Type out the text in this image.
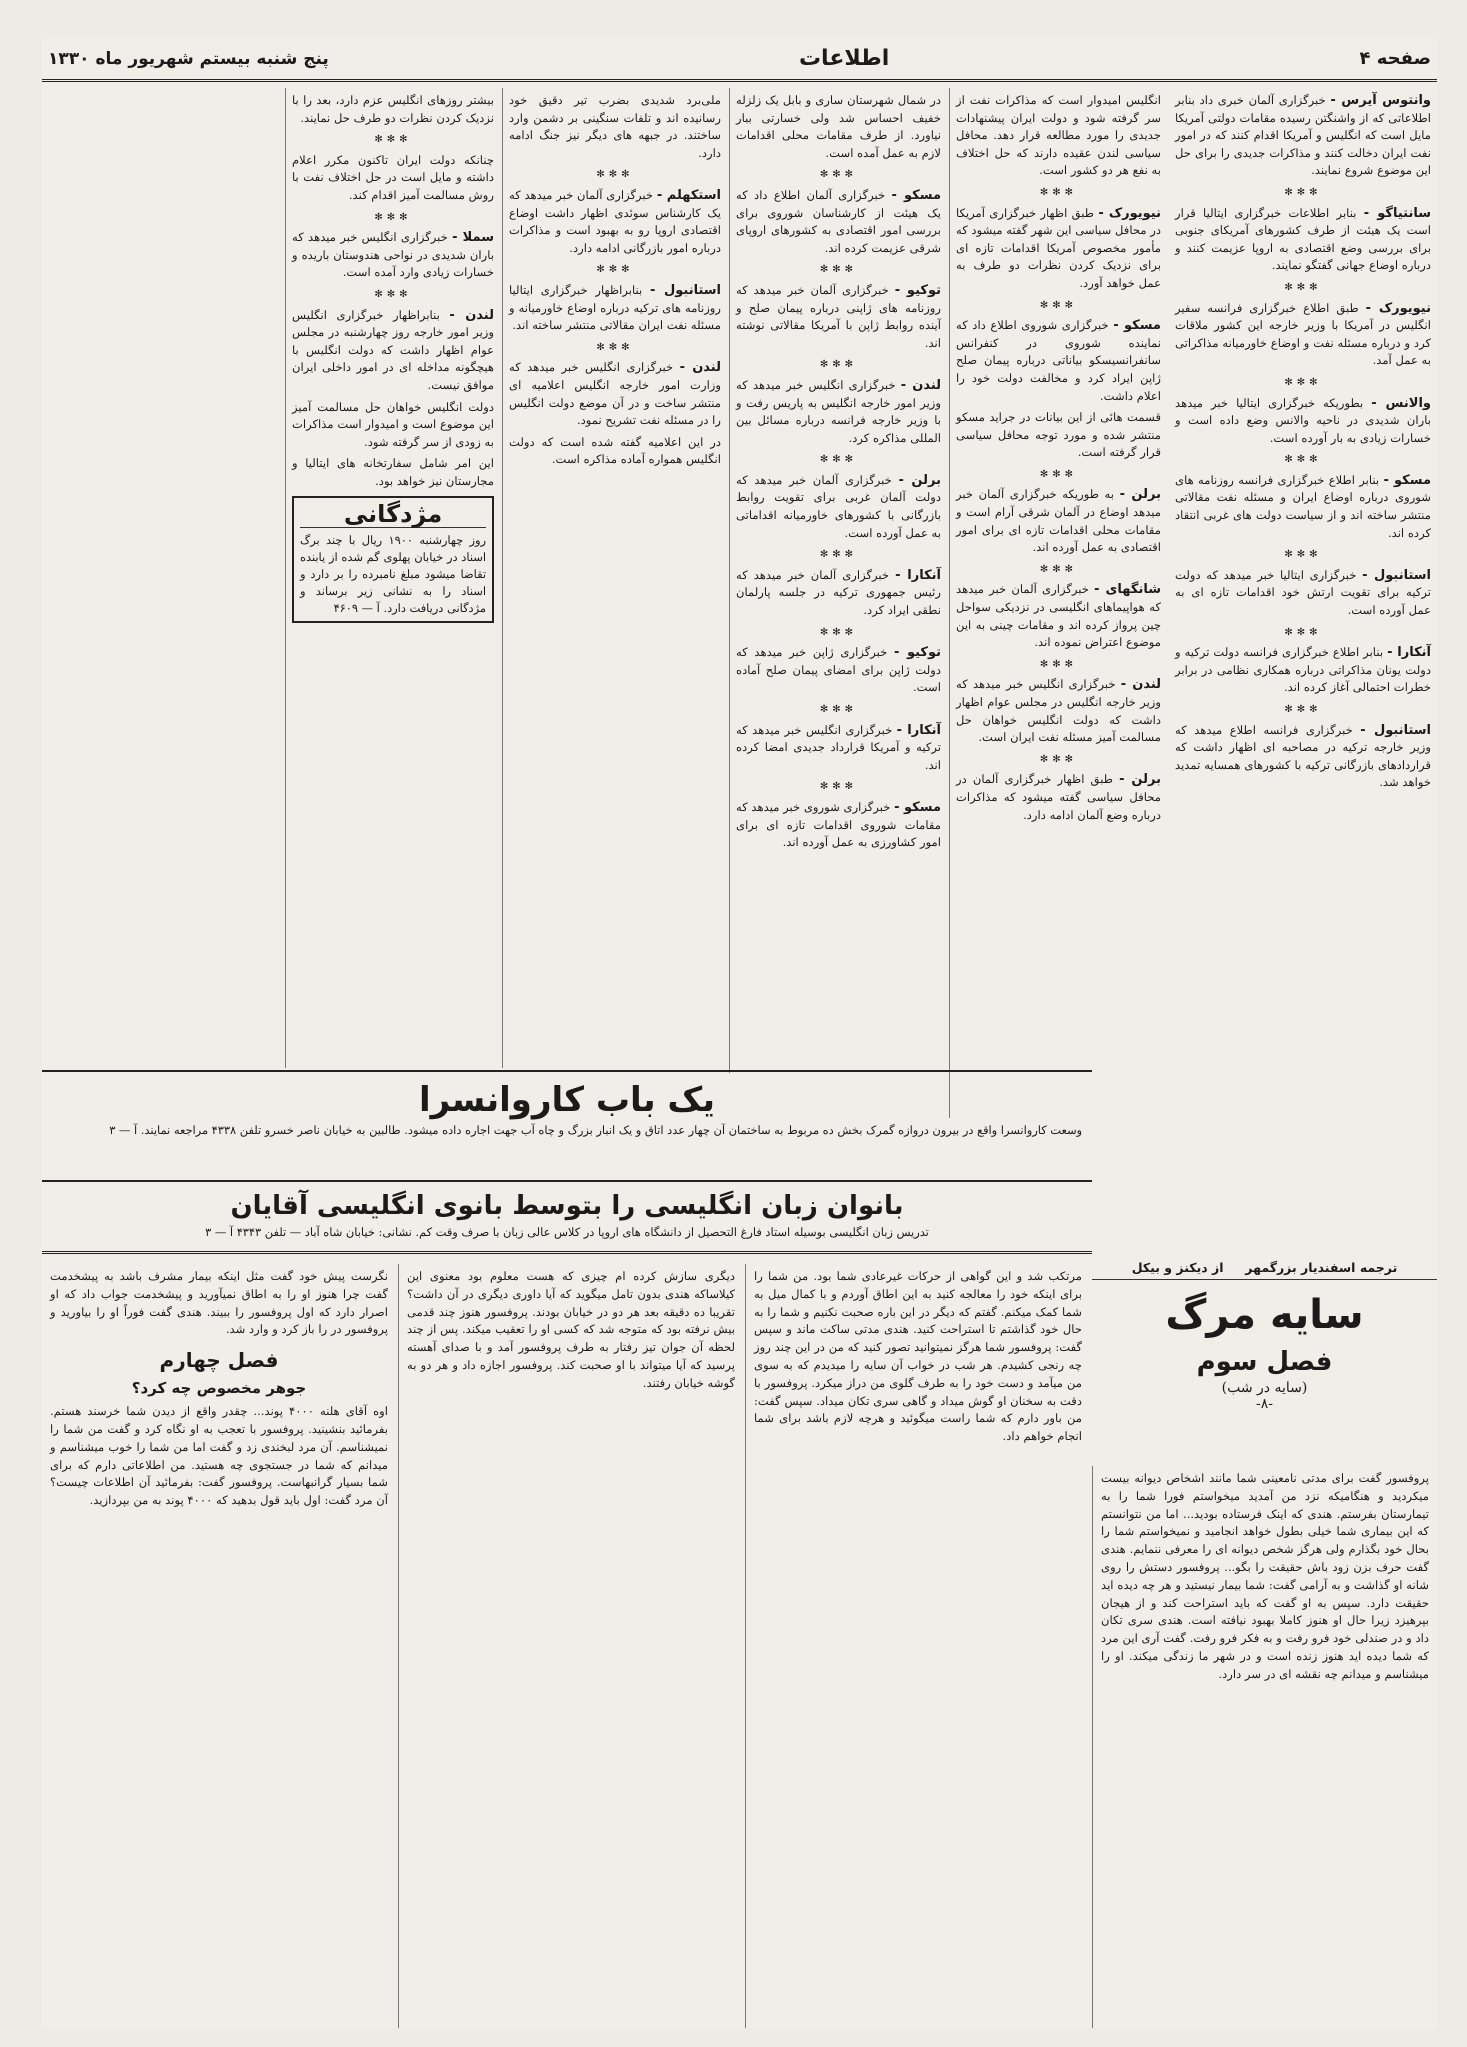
صفحه ۴
اطلاعات
پنج شنبه بیستم شهریور ماه ۱۳۳۰

وانتوس آیرس - خبرگزاری آلمان خبری داد بنابر اطلاعاتی که از واشنگتن رسیده مقامات دولتی آمریکا مایل است که انگلیس و آمریکا اقدام کنند که در امور نفت ایران دخالت کنند و مذاکرات جدیدی را برای حل این موضوع شروع نمایند.

✻✻✻

سانتیاگو - بنابر اطلاعات خبرگزاری ایتالیا قرار است یک هیئت از طرف کشورهای آمریکای جنوبی برای بررسی وضع اقتصادی به اروپا عزیمت کنند و درباره اوضاع جهانی گفتگو نمایند.

✻✻✻

نیویورک - طبق اطلاع خبرگزاری فرانسه سفیر انگلیس در آمریکا با وزیر خارجه این کشور ملاقات کرد و درباره مسئله نفت و اوضاع خاورمیانه مذاکراتی به عمل آمد.

✻✻✻

والانس - بطوریکه خبرگزاری ایتالیا خبر میدهد باران شدیدی در ناحیه والانس وضع داده است و خسارات زیادی به بار آورده است.

✻✻✻

مسکو - بنابر اطلاع خبرگزاری فرانسه روزنامه های شوروی درباره اوضاع ایران و مسئله نفت مقالاتی منتشر ساخته اند و از سیاست دولت های غربی انتقاد کرده اند.

✻✻✻

استانبول - خبرگزاری ایتالیا خبر میدهد که دولت ترکیه برای تقویت ارتش خود اقدامات تازه ای به عمل آورده است.

✻✻✻

آنکارا - بنابر اطلاع خبرگزاری فرانسه دولت ترکیه و دولت یونان مذاکراتی درباره همکاری نظامی در برابر خطرات احتمالی آغاز کرده اند.

✻✻✻

استانبول - خبرگزاری فرانسه اطلاع میدهد که وزیر خارجه ترکیه در مصاحبه ای اظهار داشت که قراردادهای بازرگانی ترکیه با کشورهای همسایه تمدید خواهد شد.

انگلیس امیدوار است که مذاکرات نفت از سر گرفته شود و دولت ایران پیشنهادات جدیدی را مورد مطالعه قرار دهد. محافل سیاسی لندن عقیده دارند که حل اختلاف به نفع هر دو کشور است.

✻✻✻

نیویورک - طبق اظهار خبرگزاری آمریکا در محافل سیاسی این شهر گفته میشود که مأمور مخصوص آمریکا اقدامات تازه ای برای نزدیک کردن نظرات دو طرف به عمل خواهد آورد.

✻✻✻

مسکو - خبرگزاری شوروی اطلاع داد که نماینده شوروی در کنفرانس سانفرانسیسکو بیاناتی درباره پیمان صلح ژاپن ایراد کرد و مخالفت دولت خود را اعلام داشت.

قسمت هائی از این بیانات در جراید مسکو منتشر شده و مورد توجه محافل سیاسی قرار گرفته است.

✻✻✻

برلن - به طوریکه خبرگزاری آلمان خبر میدهد اوضاع در آلمان شرقی آرام است و مقامات محلی اقدامات تازه ای برای امور اقتصادی به عمل آورده اند.

✻✻✻

شانگهای - خبرگزاری آلمان خبر میدهد که هواپیماهای انگلیسی در نزدیکی سواحل چین پرواز کرده اند و مقامات چینی به این موضوع اعتراض نموده اند.

✻✻✻

لندن - خبرگزاری انگلیس خبر میدهد که وزیر خارجه انگلیس در مجلس عوام اظهار داشت که دولت انگلیس خواهان حل مسالمت آمیز مسئله نفت ایران است.

✻✻✻

برلن - طبق اظهار خبرگزاری آلمان در محافل سیاسی گفته میشود که مذاکرات درباره وضع آلمان ادامه دارد.

در شمال شهرستان ساری و بابل یک زلزله خفیف احساس شد ولی خسارتی ببار نیاورد. از طرف مقامات محلی اقدامات لازم به عمل آمده است.

✻✻✻

مسکو - خبرگزاری آلمان اطلاع داد که یک هیئت از کارشناسان شوروی برای بررسی امور اقتصادی به کشورهای اروپای شرقی عزیمت کرده اند.

✻✻✻

توکیو - خبرگزاری آلمان خبر میدهد که روزنامه های ژاپنی درباره پیمان صلح و آینده روابط ژاپن با آمریکا مقالاتی نوشته اند.

✻✻✻

لندن - خبرگزاری انگلیس خبر میدهد که وزیر امور خارجه انگلیس به پاریس رفت و با وزیر خارجه فرانسه درباره مسائل بین المللی مذاکره کرد.

✻✻✻

برلن - خبرگزاری آلمان خبر میدهد که دولت آلمان غربی برای تقویت روابط بازرگانی با کشورهای خاورمیانه اقداماتی به عمل آورده است.

✻✻✻

آنکارا - خبرگزاری آلمان خبر میدهد که رئیس جمهوری ترکیه در جلسه پارلمان نطقی ایراد کرد.

✻✻✻

توکیو - خبرگزاری ژاپن خبر میدهد که دولت ژاپن برای امضای پیمان صلح آماده است.

✻✻✻

آنکارا - خبرگزاری انگلیس خبر میدهد که ترکیه و آمریکا قرارداد جدیدی امضا کرده اند.

✻✻✻

مسکو - خبرگزاری شوروی خبر میدهد که مقامات شوروی اقدامات تازه ای برای امور کشاورزی به عمل آورده اند.

ملی‌برد شدیدی بضرب تیر دقیق خود رسانیده اند و تلفات سنگینی بر دشمن وارد ساختند. در جبهه های دیگر نیز جنگ ادامه دارد.

✻✻✻

استکهلم - خبرگزاری آلمان خبر میدهد که یک کارشناس سوئدی اظهار داشت اوضاع اقتصادی اروپا رو به بهبود است و مذاکرات درباره امور بازرگانی ادامه دارد.

✻✻✻

استانبول - بنابراظهار خبرگزاری ایتالیا روزنامه های ترکیه درباره اوضاع خاورمیانه و مسئله نفت ایران مقالاتی منتشر ساخته اند.

✻✻✻

لندن - خبرگزاری انگلیس خبر میدهد که وزارت امور خارجه انگلیس اعلامیه ای منتشر ساخت و در آن موضع دولت انگلیس را در مسئله نفت تشریح نمود.

در این اعلامیه گفته شده است که دولت انگلیس همواره آماده مذاکره است.

بیشتر روزهای انگلیس عزم دارد، بعد را با نزدیک کردن نظرات دو طرف حل نمایند.

✻✻✻

چنانکه دولت ایران تاکنون مکرر اعلام داشته و مایل است در حل اختلاف نفت با روش مسالمت آمیز اقدام کند.

✻✻✻

سملا - خبرگزاری انگلیس خبر میدهد که باران شدیدی در نواحی هندوستان باریده و خسارات زیادی وارد آمده است.

✻✻✻

لندن - بنابراظهار خبرگزاری انگلیس وزیر امور خارجه روز چهارشنبه در مجلس عوام اظهار داشت که دولت انگلیس با هیچگونه مداخله ای در امور داخلی ایران موافق نیست.

دولت انگلیس خواهان حل مسالمت آمیز این موضوع است و امیدوار است مذاکرات به زودی از سر گرفته شود.

این امر شامل سفارتخانه های ایتالیا و مجارستان نیز خواهد بود.

مژدگانی
روز چهارشنبه ۱۹۰۰ ریال با چند برگ اسناد در خیابان پهلوی گم شده از یابنده تقاضا میشود مبلغ نامبرده را بر دارد و اسناد را به نشانی زیر برساند و مژدگانی دریافت دارد. آ — ۴۶۰۹
یک باب کاروانسرا
وسعت کاروانسرا واقع در بیرون دروازه گمرک بخش ده مربوط به ساختمان آن چهار عدد اتاق و یک انبار بزرگ و چاه آب جهت اجاره داده میشود. طالبین به خیابان ناصر خسرو تلفن ۴۳۳۸ مراجعه نمایند. آ — ۳
بانوان زبان انگلیسی را بتوسط بانوی انگلیسی آقایان
تدریس زبان انگلیسی بوسیله استاد فارغ التحصیل از دانشگاه های اروپا در کلاس عالی زبان با صرف وقت کم. نشانی: خیابان شاه آباد — تلفن ۴۳۴۳ آ — ۳
ترجمه اسفندیار بزرگمهر     از دیکنز و بیکل
سایه مرگ
فصل سوم
(سایه در شب)
-۸-

پروفسور گفت برای مدتی نامعینی شما مانند اشخاص دیوانه بیست میکردید و هنگامیکه نزد من آمدید میخواستم فورا شما را به تیمارستان بفرستم. هندی که اینک فرستاده بودید... اما من نتوانستم که این بیماری شما خیلی بطول خواهد انجامید و نمیخواستم شما را بحال خود بگذارم ولی هرگز شخص دیوانه ای را معرفی ننمایم. هندی گفت حرف بزن زود باش حقیقت را بگو... پروفسور دستش را روی شانه او گذاشت و به آرامی گفت: شما بیمار نیستید و هر چه دیده اید حقیقت دارد. سپس به او گفت که باید استراحت کند و از هیجان بپرهیزد زیرا حال او هنوز کاملا بهبود نیافته است. هندی سری تکان داد و در صندلی خود فرو رفت و به فکر فرو رفت. گفت آری این مرد که شما دیده اید هنوز زنده است و در شهر ما زندگی میکند. او را میشناسم و میدانم چه نقشه ای در سر دارد.

مرتکب شد و این گواهی از حرکات غیرعادی شما بود. من شما را برای اینکه خود را معالجه کنید به این اطاق آوردم و با کمال میل به شما کمک میکنم. گفتم که دیگر در این باره صحبت نکنیم و شما را به حال خود گذاشتم تا استراحت کنید. هندی مدتی ساکت ماند و سپس گفت: پروفسور شما هرگز نمیتوانید تصور کنید که من در این چند روز چه رنجی کشیدم. هر شب در خواب آن سایه را میدیدم که به سوی من میآمد و دست خود را به طرف گلوی من دراز میکرد. پروفسور با دقت به سخنان او گوش میداد و گاهی سری تکان میداد. سپس گفت: من باور دارم که شما راست میگوئید و هرچه لازم باشد برای شما انجام خواهم داد.

دیگری سازش کرده ام چیزی که هست معلوم بود معنوی این کیلاساکه هندی بدون تامل میگوید که آیا داوری دیگری در آن داشت؟ تقریبا ده دقیقه بعد هر دو در خیابان بودند. پروفسور هنوز چند قدمی بیش نرفته بود که متوجه شد که کسی او را تعقیب میکند. پس از چند لحظه آن جوان تیز رفتار به طرف پروفسور آمد و با صدای آهسته پرسید که آیا میتواند با او صحبت کند. پروفسور اجازه داد و هر دو به گوشه خیابان رفتند.

نگرست پیش خود گفت مثل اینکه بیمار مشرف باشد به پیشخدمت گفت چرا هنوز او را به اطاق نمیآورید و پیشخدمت جواب داد که او اصرار دارد که اول پروفسور را ببیند. هندی گفت فوراً او را بیاورید و پروفسور در را باز کرد و وارد شد.

فصل چهارم
جوهر مخصوص چه کرد؟

اوه آقای هلنه ۴۰۰۰ پوند... چقدر واقع از دیدن شما خرسند هستم. بفرمائید بنشینید. پروفسور با تعجب به او نگاه کرد و گفت من شما را نمیشناسم. آن مرد لبخندی زد و گفت اما من شما را خوب میشناسم و میدانم که شما در جستجوی چه هستید. من اطلاعاتی دارم که برای شما بسیار گرانبهاست. پروفسور گفت: بفرمائید آن اطلاعات چیست؟ آن مرد گفت: اول باید قول بدهید که ۴۰۰۰ پوند به من بپردازید.
